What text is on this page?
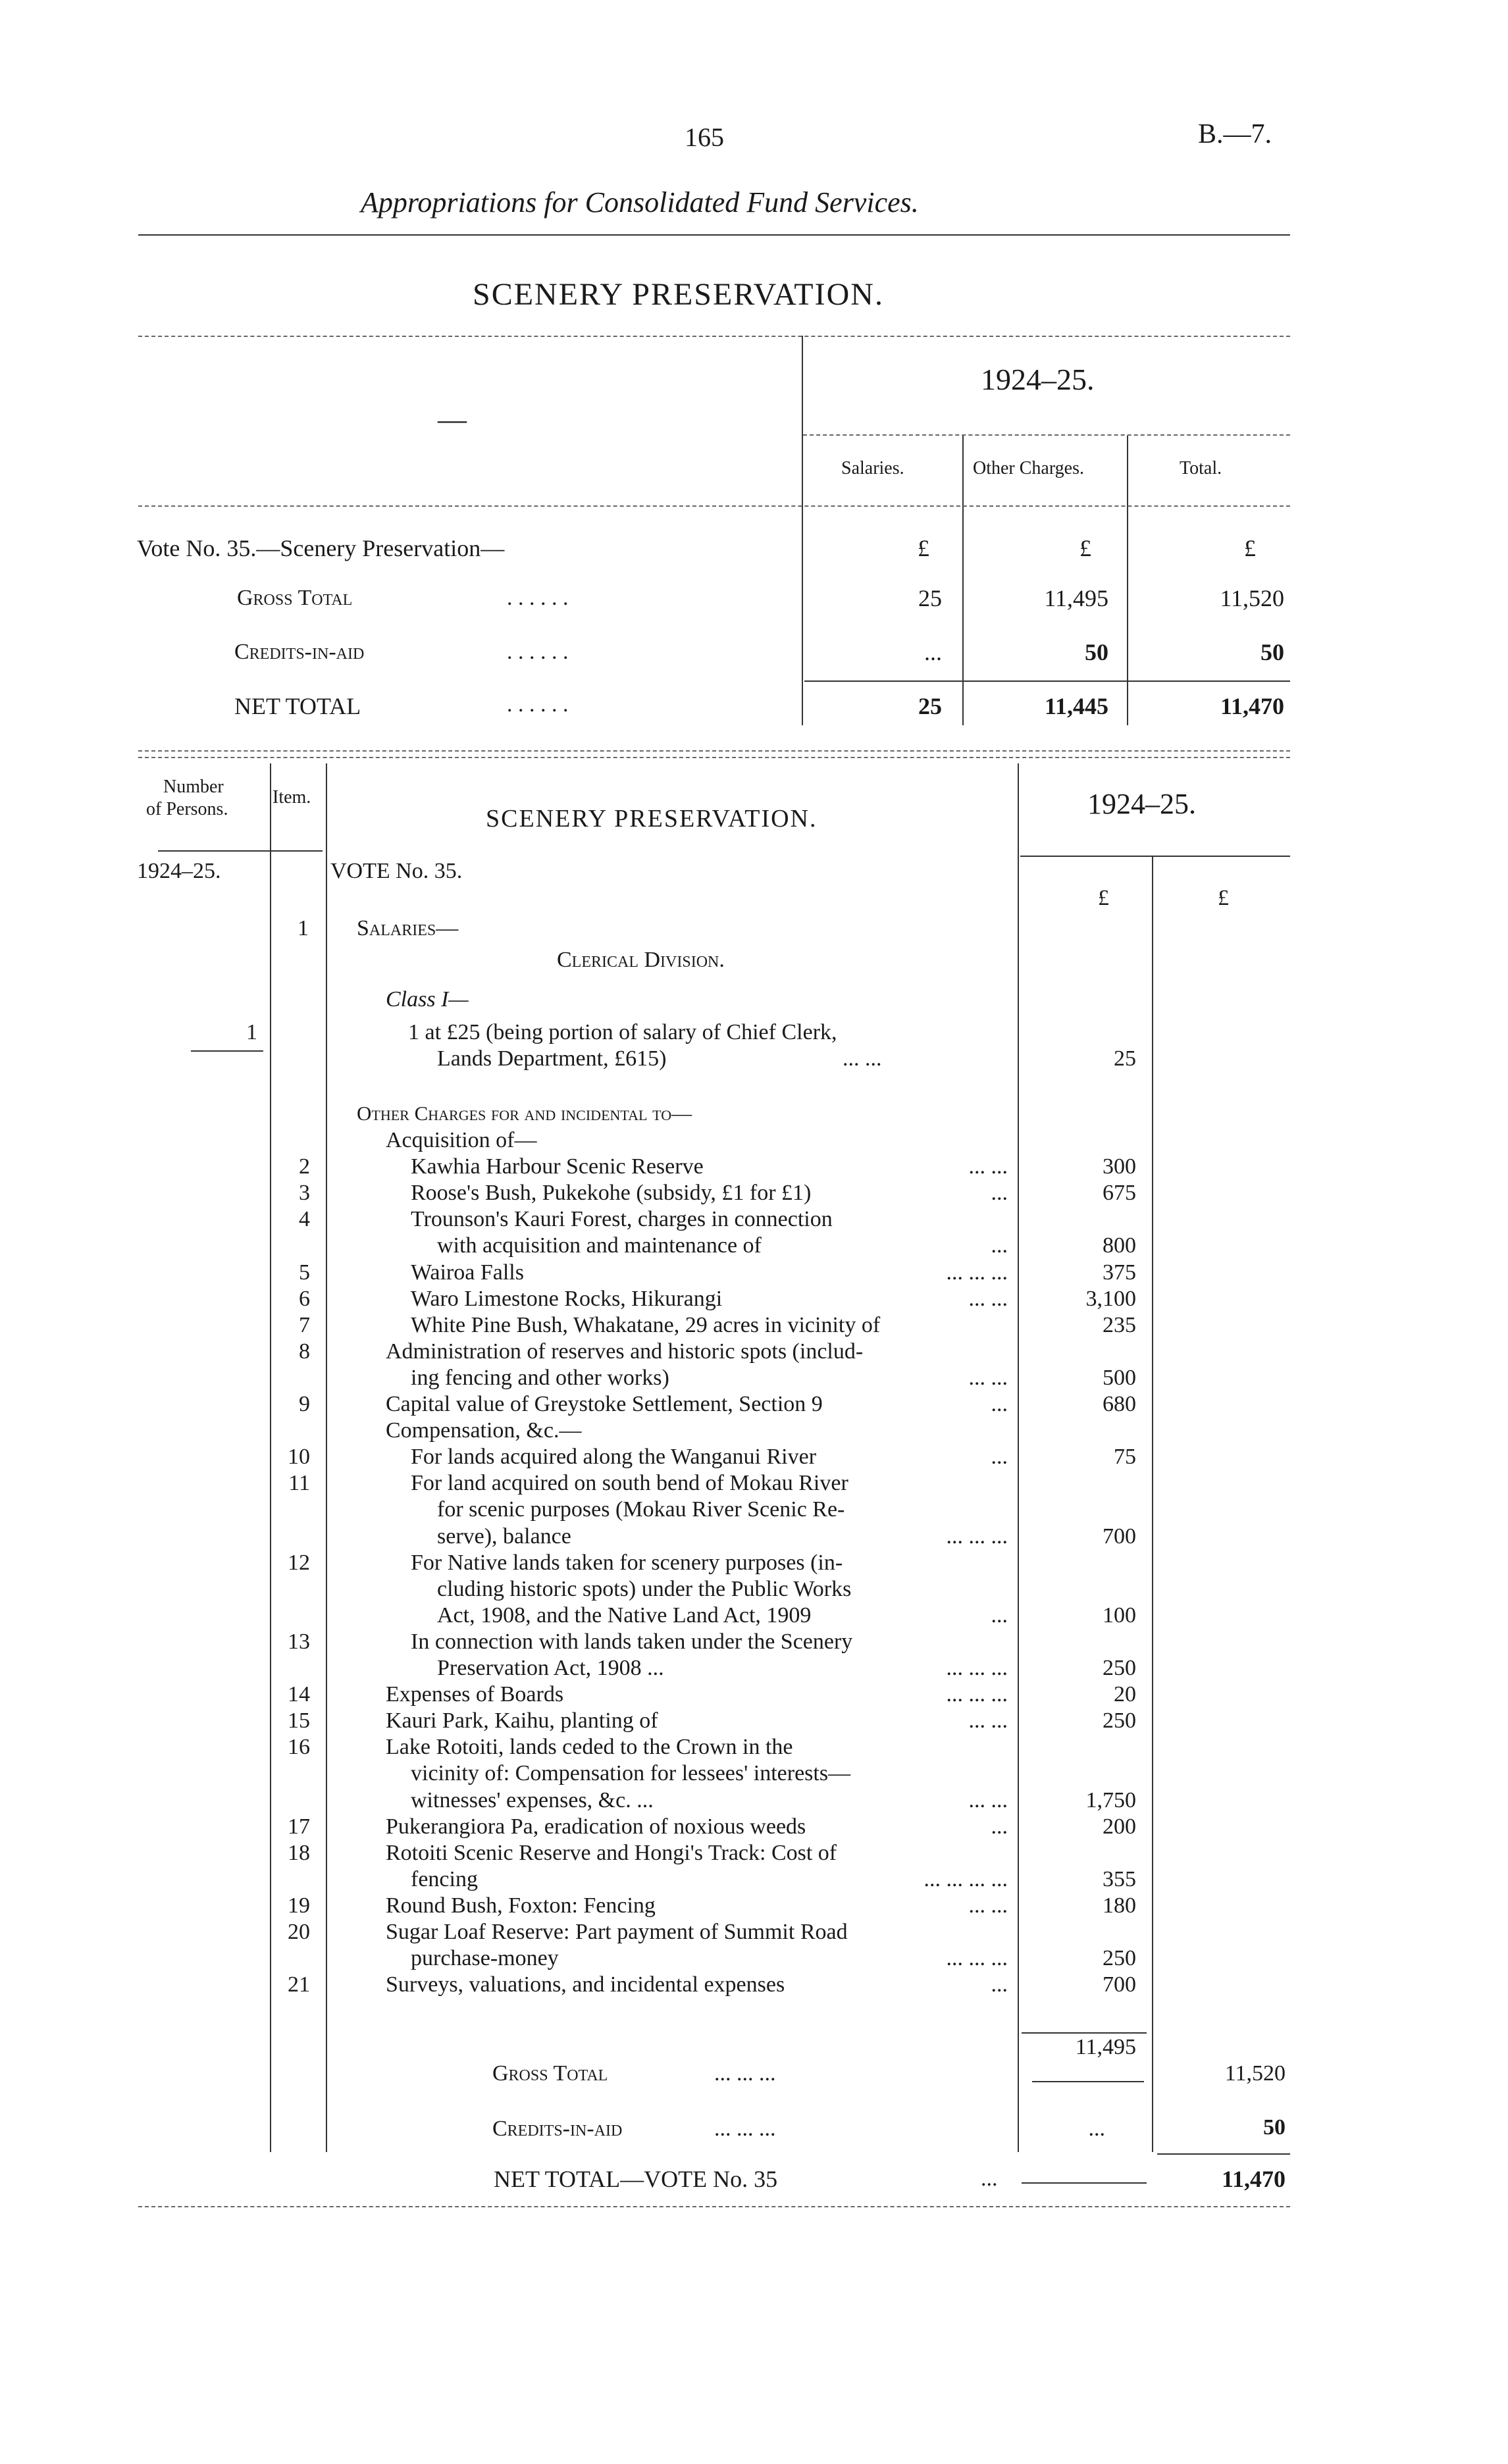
165	B.—7.
Appropriations for Consolidated Fund Services.
SCENERY PRESERVATION.
—
1924–25.
Salaries.	Other Charges.	Total.
Vote No. 35.—Scenery Preservation—	£	£	£
Gross Total	. . . . . .	25	11,495	11,520
Credits-in-aid	. . . . . .	...	50	50
NET TOTAL	. . . . . .	25	11,445	11,470
Number
of Persons.
Item.
SCENERY PRESERVATION.	1924–25.
1924–25.	VOTE No. 35.
£	£
1 Salaries—
Clerical Division.
Class I—
1	1 at £25 (being portion of salary of Chief Clerk,
Lands Department, £615)	... ...	25
Other Charges for and incidental to—
Acquisition of—
2	Kawhia Harbour Scenic Reserve	... ...	300
3	Roose's Bush, Pukekohe (subsidy, £1 for £1)	...	675
4	Trounson's Kauri Forest, charges in connection
with acquisition and maintenance of	...	800
5	Wairoa Falls	... ... ...	375
6	Waro Limestone Rocks, Hikurangi	... ...	3,100
7	White Pine Bush, Whakatane, 29 acres in vicinity of	235
8	Administration of reserves and historic spots (includ-
ing fencing and other works)	... ...	500
9	Capital value of Greystoke Settlement, Section 9	...	680
Compensation, &c.—
10	For lands acquired along the Wanganui River	...	75
11	For land acquired on south bend of Mokau River
for scenic purposes (Mokau River Scenic Re-
serve), balance	... ... ...	700
12	For Native lands taken for scenery purposes (in-
cluding historic spots) under the Public Works
Act, 1908, and the Native Land Act, 1909	...	100
13	In connection with lands taken under the Scenery
Preservation Act, 1908 ...	... ... ...	250
14	Expenses of Boards	... ... ...	20
15	Kauri Park, Kaihu, planting of	... ...	250
16	Lake Rotoiti, lands ceded to the Crown in the
vicinity of: Compensation for lessees' interests—
witnesses' expenses, &c. ...	... ...	1,750
17	Pukerangiora Pa, eradication of noxious weeds	...	200
18	Rotoiti Scenic Reserve and Hongi's Track: Cost of
fencing	... ... ... ...	355
19	Round Bush, Foxton: Fencing	... ...	180
20	Sugar Loaf Reserve: Part payment of Summit Road
purchase-money	... ... ...	250
21	Surveys, valuations, and incidental expenses	...	700
11,495
Gross Total	... ... ...	11,520
Credits-in-aid	... ... ...	...	50
NET TOTAL—VOTE No. 35	...	11,470
